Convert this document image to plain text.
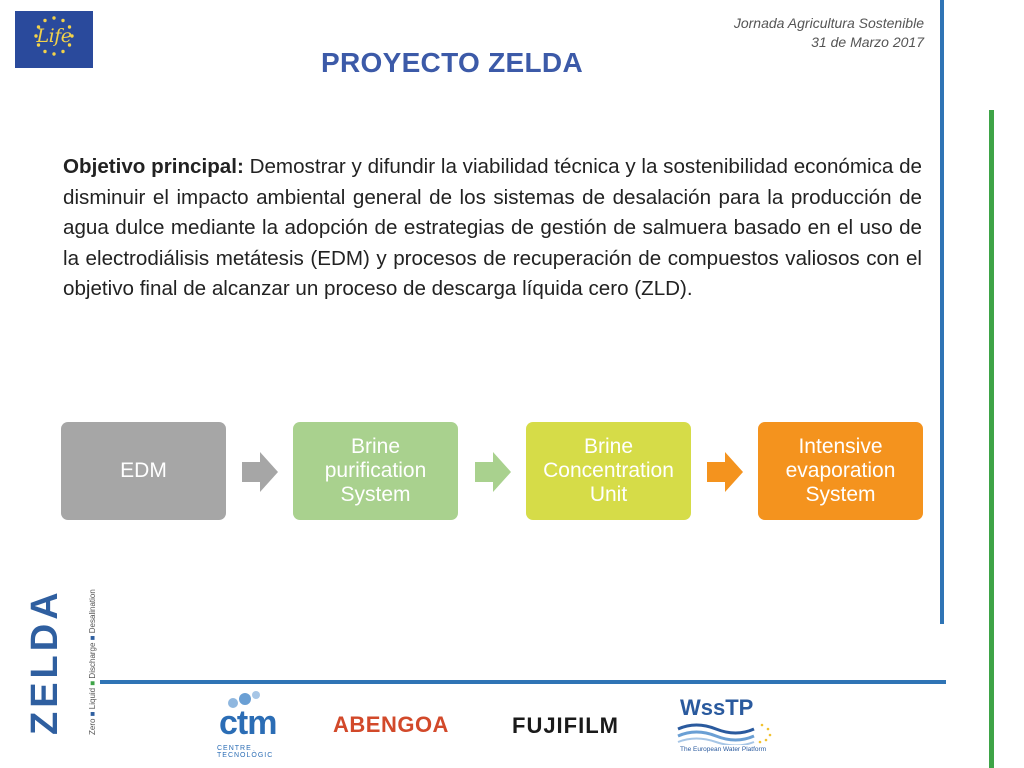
Life
Jornada Agricultura Sostenible
31 de Marzo 2017
PROYECTO ZELDA
Objetivo principal: Demostrar y difundir la viabilidad técnica y la sostenibilidad económica de disminuir el impacto ambiental general de los sistemas de desalación para la producción de agua dulce mediante la adopción de estrategias de gestión de salmuera basado en el uso de la electrodiálisis metátesis (EDM) y procesos de recuperación de compuestos valiosos con el objetivo final de alcanzar un proceso de descarga líquida cero (ZLD).
EDM
Brine purification System
Brine Concentration Unit
Intensive evaporation System
ZELDA	Zero ■ Liquid ■ Discharge ■ Desalination
ctm
CENTRE TECNOLÒGIC
ABENGOA	FUJIFILM
WssTP
The European Water Platform
